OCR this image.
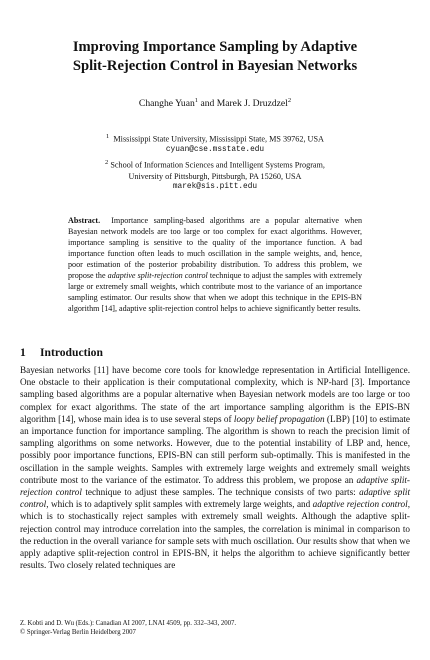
Improving Importance Sampling by Adaptive
Split-Rejection Control in Bayesian Networks
Changhe Yuan$^1$ and Marek J. Druzdzel$^2$
$^1$ Mississippi State University, Mississippi State, MS 39762, USA
cyuan@cse.msstate.edu
$^2$ School of Information Sciences and Intelligent Systems Program,
University of Pittsburgh, Pittsburgh, PA 15260, USA
marek@sis.pitt.edu
Abstract. Importance sampling-based algorithms are a popular alternative when Bayesian network models are too large or too complex for exact algorithms. However, importance sampling is sensitive to the quality of the importance function. A bad importance function often leads to much oscillation in the sample weights, and, hence, poor estimation of the posterior probability distribution. To address this problem, we propose the adaptive split-rejection control technique to adjust the samples with extremely large or extremely small weights, which contribute most to the variance of an importance sampling estimator. Our results show that when we adopt this technique in the EPIS-BN algorithm [14], adaptive split-rejection control helps to achieve significantly better results.
1 Introduction
Bayesian networks [11] have become core tools for knowledge representation in Artificial Intelligence. One obstacle to their application is their computational complexity, which is NP-hard [3]. Importance sampling based algorithms are a popular alternative when Bayesian network models are too large or too complex for exact algorithms. The state of the art importance sampling algorithm is the EPIS-BN algorithm [14], whose main idea is to use several steps of loopy belief propagation (LBP) [10] to estimate an importance function for importance sampling. The algorithm is shown to reach the precision limit of sampling algorithms on some networks. However, due to the potential instability of LBP and, hence, possibly poor importance functions, EPIS-BN can still perform sub-optimally. This is manifested in the oscillation in the sample weights. Samples with extremely large weights and extremely small weights contribute most to the variance of the estimator. To address this problem, we propose an adaptive split-rejection control technique to adjust these samples. The technique consists of two parts: adaptive split control, which is to adaptively split samples with extremely large weights, and adaptive rejection control, which is to stochastically reject samples with extremely small weights. Although the adaptive split-rejection control may introduce correlation into the samples, the correlation is minimal in comparison to the reduction in the overall variance for sample sets with much oscillation. Our results show that when we apply adaptive split-rejection control in EPIS-BN, it helps the algorithm to achieve significantly better results. Two closely related techniques are
Z. Kobti and D. Wu (Eds.): Canadian AI 2007, LNAI 4509, pp. 332–343, 2007.
© Springer-Verlag Berlin Heidelberg 2007
